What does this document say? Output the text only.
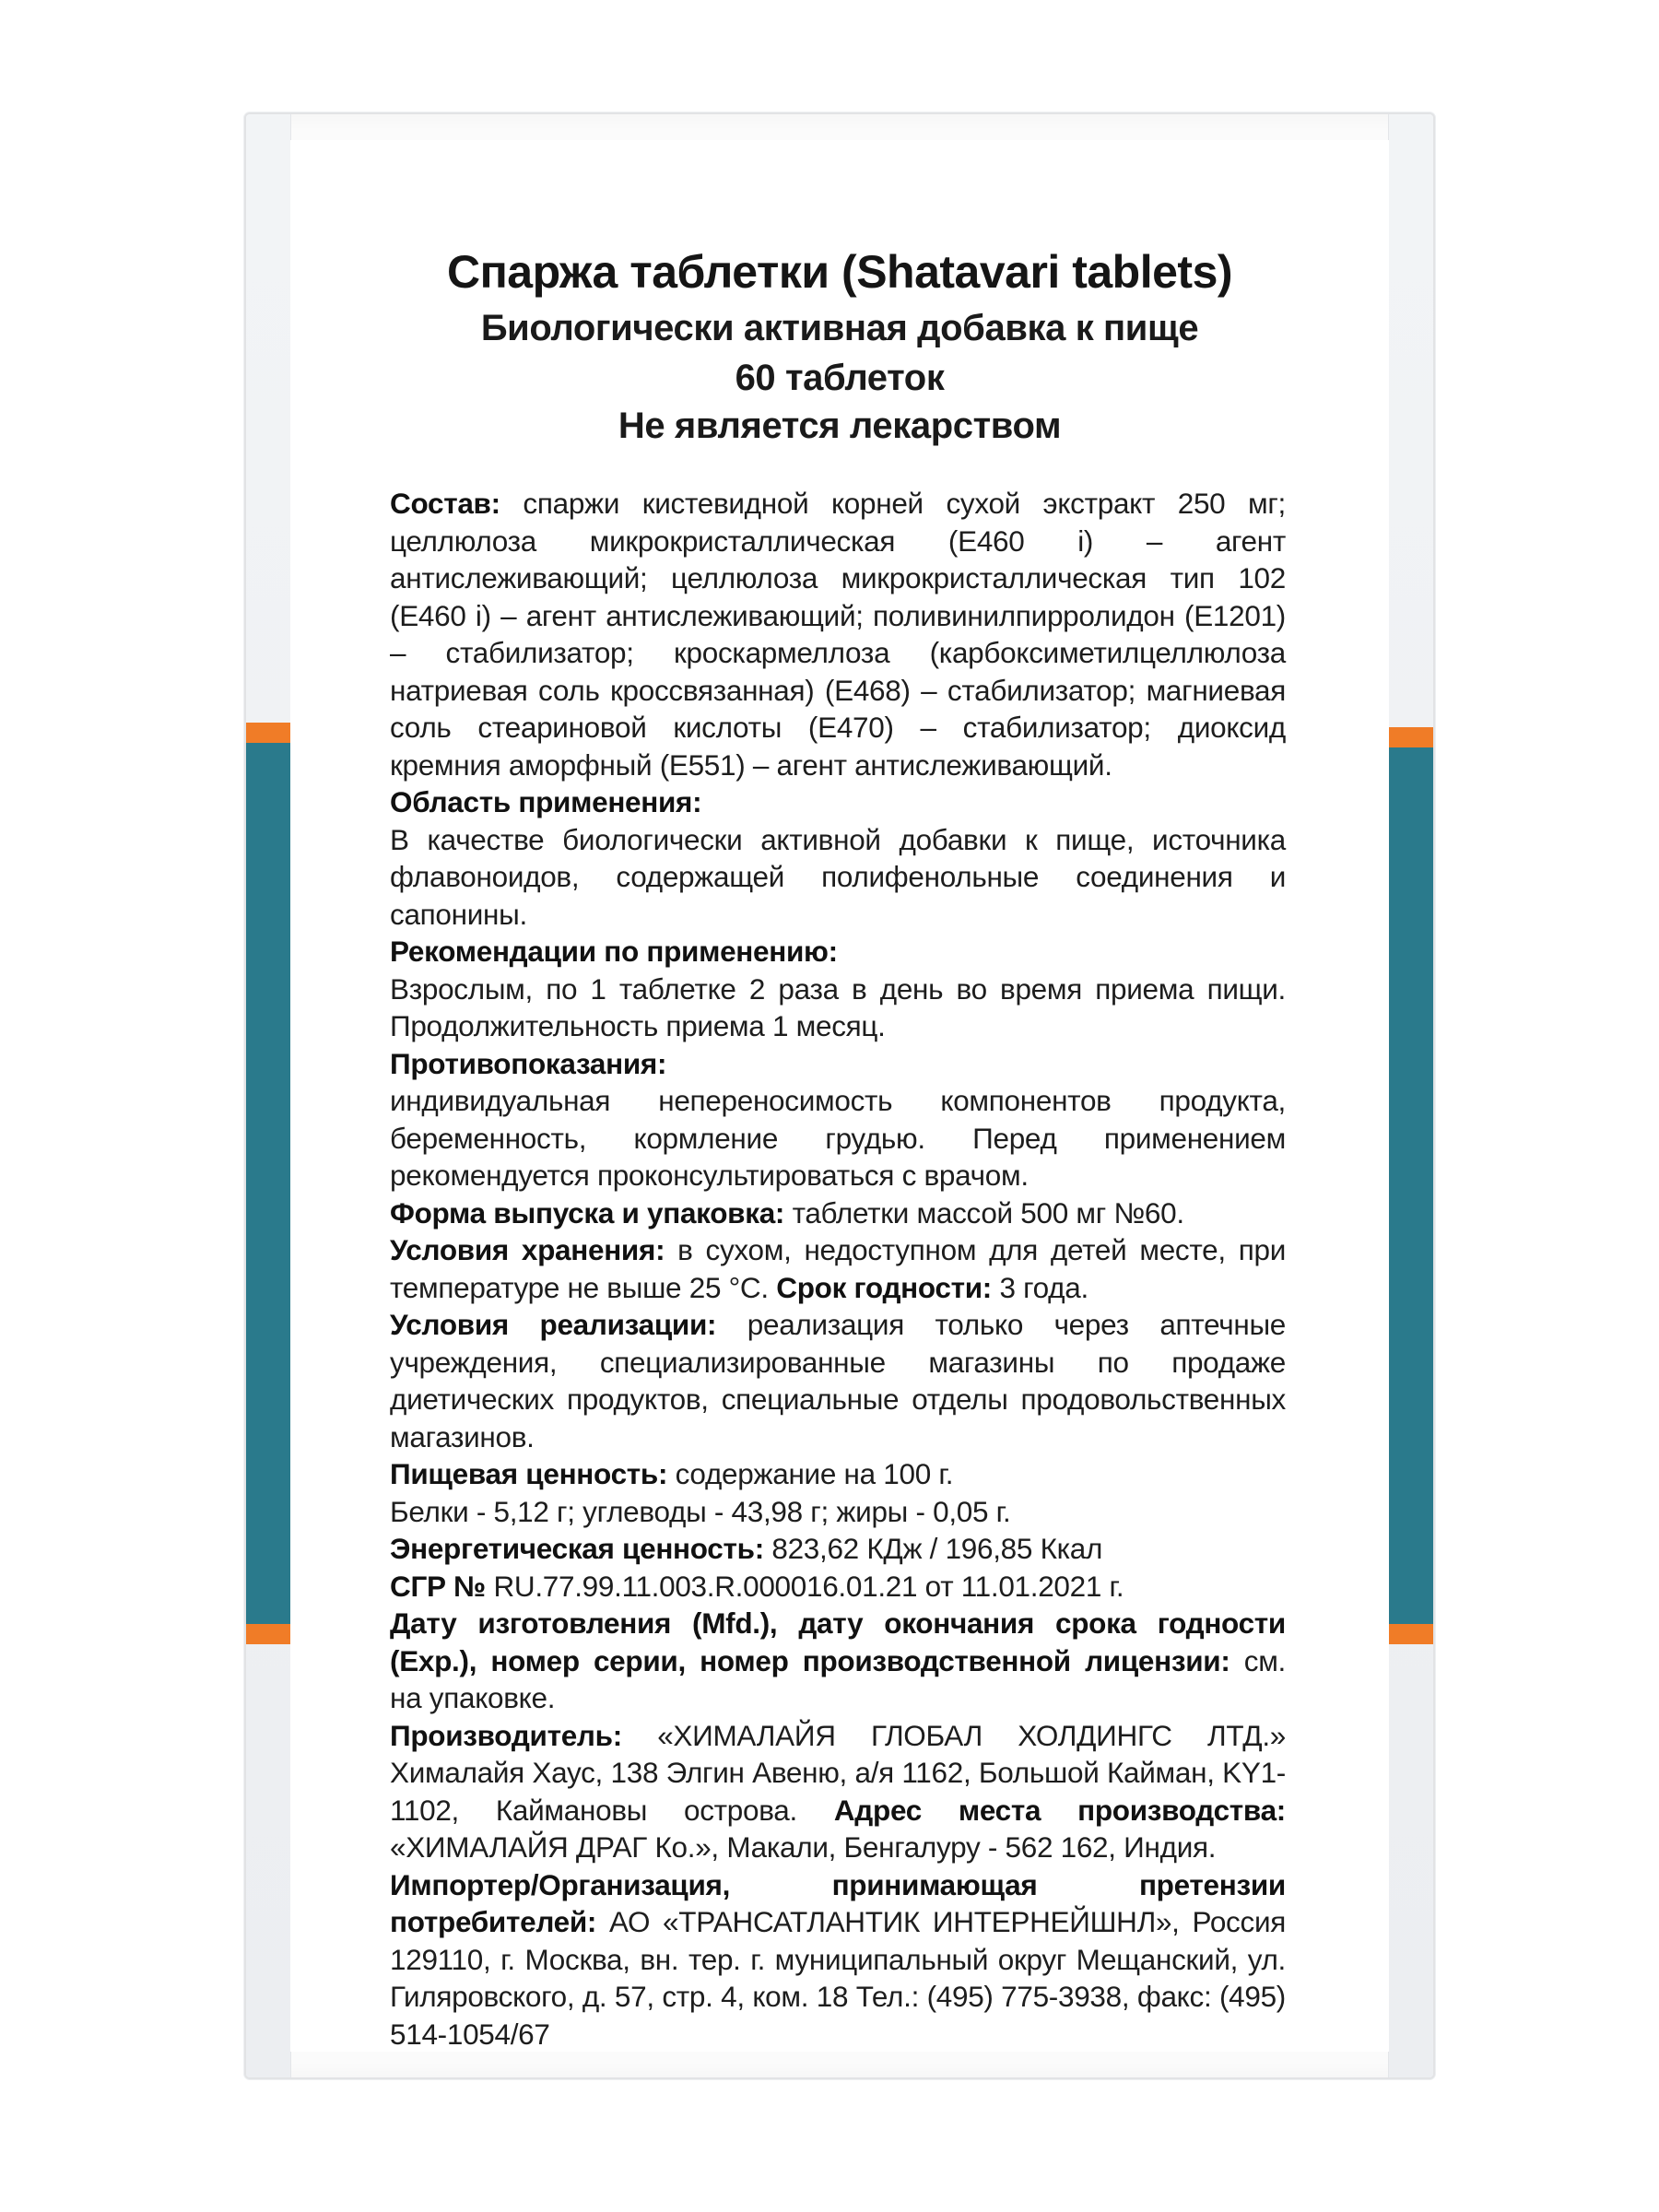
Спаржа таблетки (Shatavari tablets)
Биологически активная добавка к пище
60 таблеток
Не является лекарством

Состав: спаржи кистевидной корней сухой экстракт 250 мг; целлюлоза микрокристаллическая (E460 i) – агент антислеживающий; целлюлоза микрокристаллическая тип 102 (E460 i) – агент антислеживающий; поливинилпирролидон (E1201) – стабилизатор; кроскармеллоза (карбоксиметилцеллюлоза натриевая соль кроссвязанная) (E468) – стабилизатор; магниевая соль стеариновой кислоты (E470) – стабилизатор; диоксид кремния аморфный (E551) – агент антислеживающий.

Область применения:
В качестве биологически активной добавки к пище, источника флавоноидов, содержащей полифенольные соединения и сапонины.

Рекомендации по применению:
Взрослым, по 1 таблетке 2 раза в день во время приема пищи. Продолжительность приема 1 месяц.

Противопоказания:
индивидуальная непереносимость компонентов продукта, беременность, кормление грудью. Перед применением рекомендуется проконсультироваться с врачом.

Форма выпуска и упаковка: таблетки массой 500 мг №60.

Условия хранения: в сухом, недоступном для детей месте, при температуре не выше 25 °С. Срок годности: 3 года.

Условия реализации: реализация только через аптечные учреждения, специализированные магазины по продаже диетических продуктов, специальные отделы продовольственных магазинов.

Пищевая ценность: содержание на 100 г.

Белки - 5,12 г; углеводы - 43,98 г; жиры - 0,05 г.

Энергетическая ценность: 823,62 КДж / 196,85 Ккал

СГР № RU.77.99.11.003.R.000016.01.21 от 11.01.2021 г.

Дату изготовления (Mfd.), дату окончания срока годности (Exp.), номер серии, номер производственной лицензии: см. на упаковке.

Производитель: «ХИМАЛАЙЯ ГЛОБАЛ ХОЛДИНГС ЛТД.» Хималайя Хаус, 138 Элгин Авеню, а/я 1162, Большой Кайман, KY1-1102, Каймановы острова. Адрес места производства: «ХИМАЛАЙЯ ДРАГ Ко.», Макали, Бенгалуру - 562 162, Индия.

Импортер/Организация, принимающая претензии потребителей: АО «ТРАНСАТЛАНТИК ИНТЕРНЕЙШНЛ», Россия 129110, г. Москва, вн. тер. г. муниципальный округ Мещанский, ул. Гиляровского, д. 57, стр. 4, ком. 18 Тел.: (495) 775-3938, факс: (495) 514-1054/67
